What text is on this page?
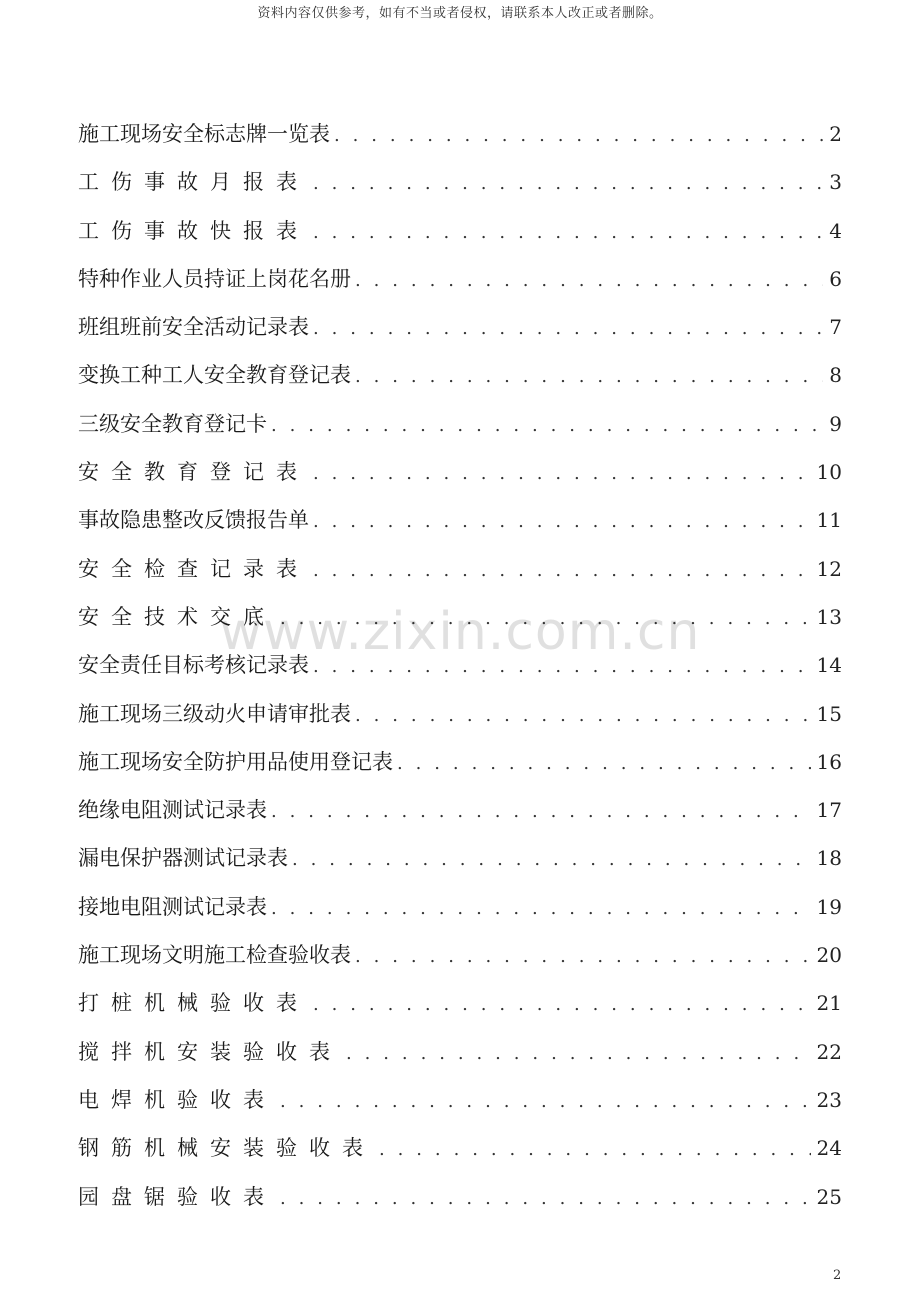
资料内容仅供参考，如有不当或者侵权，请联系本人改正或者删除。
www.zixin.com.cn
施工现场安全标志牌一览表 . . .	2
工伤事故月报表 . . .	3
工伤事故快报表 . . .	4
特种作业人员持证上岗花名册 . . .	6
班组班前安全活动记录表 . . .	7
变换工种工人安全教育登记表 . . .	8
三级安全教育登记卡 . . .	9
安全教育登记表 . . .	10
事故隐患整改反馈报告单 . . .	11
安全检查记录表 . . .	12
安全技术交底 . . .	13
安全责任目标考核记录表 . . .	14
施工现场三级动火申请审批表 . . .	15
施工现场安全防护用品使用登记表 . . .	16
绝缘电阻测试记录表 . . .	17
漏电保护器测试记录表 . . .	18
接地电阻测试记录表 . . .	19
施工现场文明施工检查验收表 . . .	20
打桩机械验收表 . . .	21
搅拌机安装验收表 . . .	22
电焊机验收表 . . .	23
钢筋机械安装验收表 . . .	24
园盘锯验收表 . . .	25
2
